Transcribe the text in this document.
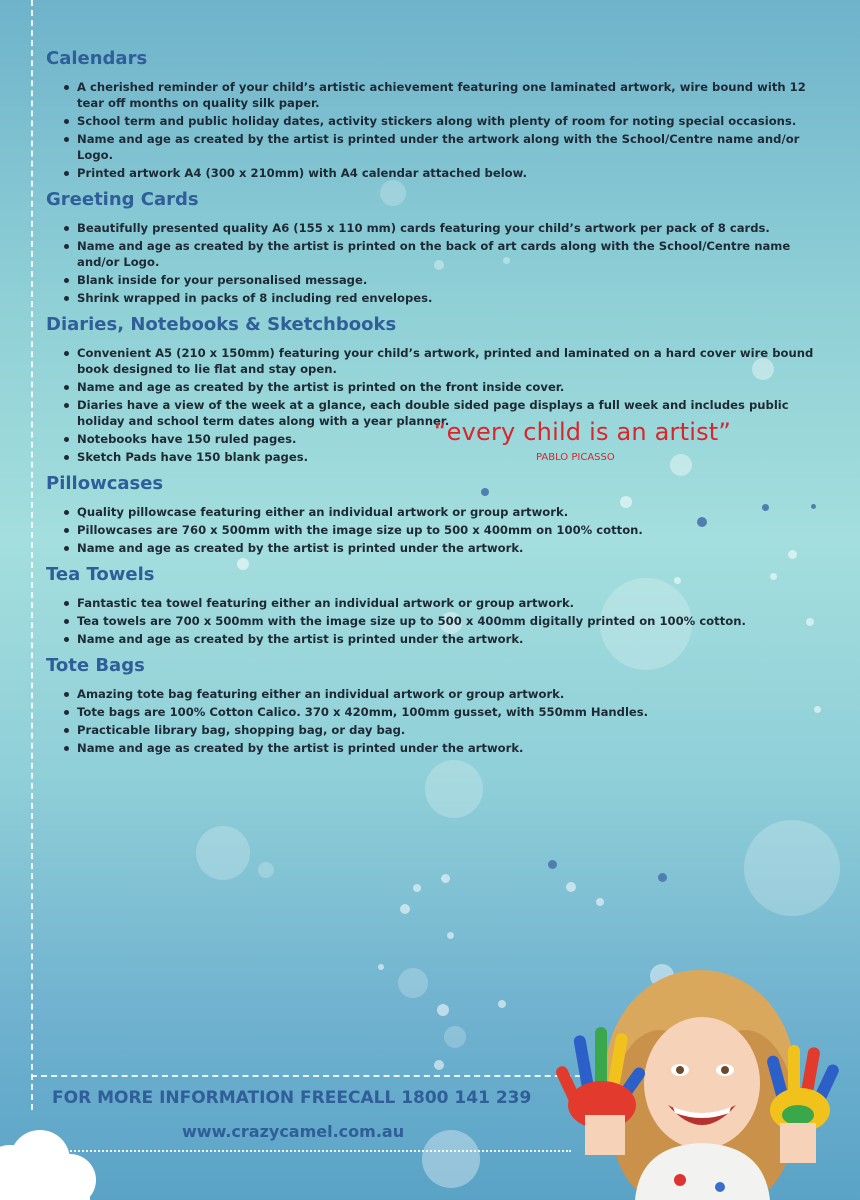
Calendars
A cherished reminder of your child’s artistic achievement featuring one laminated artwork, wire bound with 12 tear off months on quality silk paper.
School term and public holiday dates, activity stickers along with plenty of room for noting special occasions.
Name and age as created by the artist is printed under the artwork along with the School/Centre name and/or Logo.
Printed artwork A4 (300 x 210mm) with A4 calendar attached below.
Greeting Cards
Beautifully presented quality A6 (155 x 110 mm) cards featuring your child’s artwork per pack of 8 cards.
Name and age as created by the artist is printed on the back of art cards along with the School/Centre name and/or Logo.
Blank inside for your personalised message.
Shrink wrapped in packs of 8 including red envelopes.
Diaries, Notebooks & Sketchbooks
Convenient A5 (210 x 150mm) featuring your child’s artwork, printed and laminated on a hard cover wire bound book designed to lie flat and stay open.
Name and age as created by the artist is printed on the front inside cover.
Diaries have a view of the week at a glance, each double sided page displays a full week and includes public holiday and school term dates along with a year planner.
Notebooks have 150 ruled pages.
Sketch Pads have 150 blank pages.
Pillowcases
Quality pillowcase featuring either an individual artwork or group artwork.
Pillowcases are 760 x 500mm with the image size up to 500 x 400mm on 100% cotton.
Name and age as created by the artist is printed under the artwork.
Tea Towels
Fantastic tea towel featuring either an individual artwork or group artwork.
Tea towels are 700 x 500mm with the image size up to 500 x 400mm digitally printed on 100% cotton.
Name and age as created by the artist is printed under the artwork.
Tote Bags
Amazing tote bag featuring either an individual artwork or group artwork.
Tote bags are 100% Cotton Calico. 370 x 420mm, 100mm gusset, with 550mm Handles.
Practicable library bag, shopping bag, or day bag.
Name and age as created by the artist is printed under the artwork.
“every child is an artist”
PABLO PICASSO
FOR MORE INFORMATION FREECALL 1800 141 239
www.crazycamel.com.au
